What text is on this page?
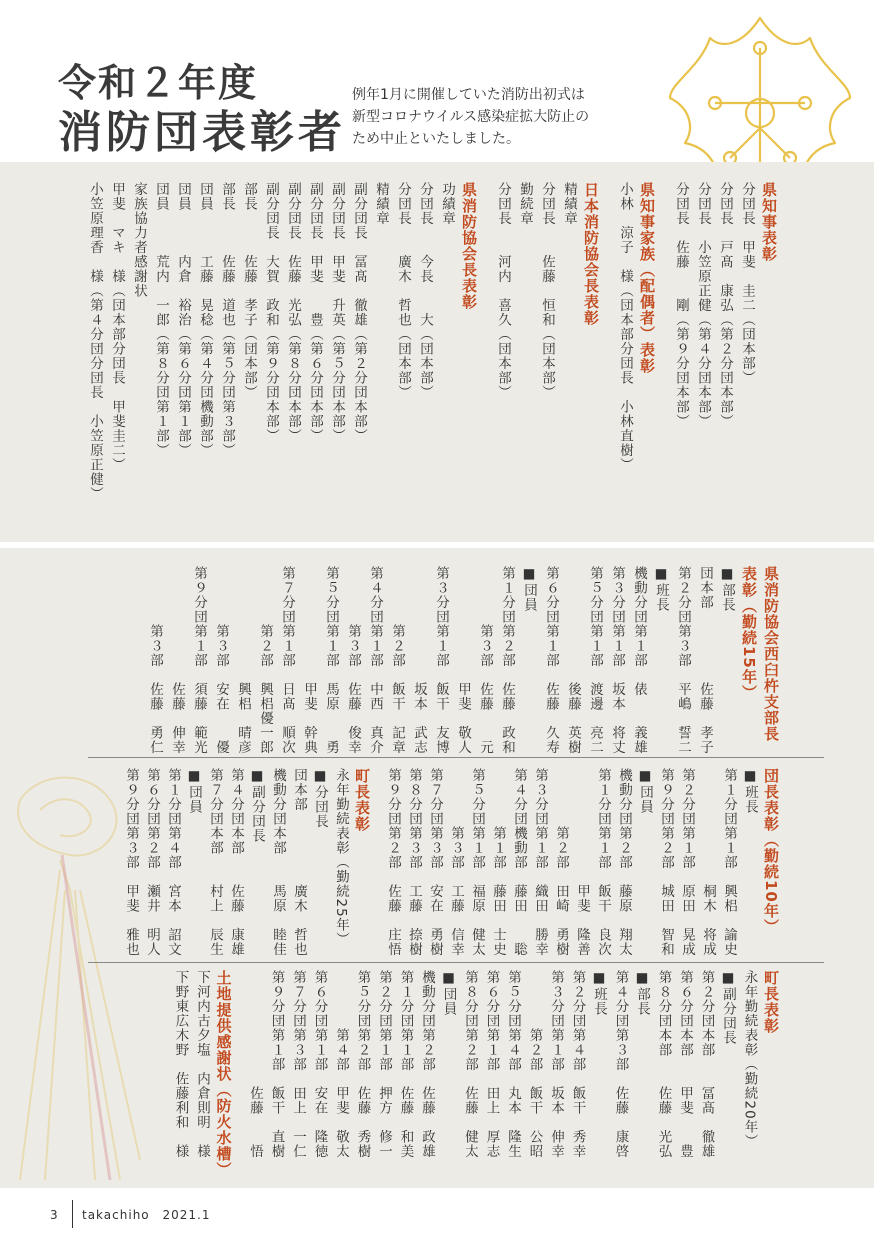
令和２年度
消防団表彰者
例年1月に開催していた消防出初式は
新型コロナウイルス感染症拡大防止の
ため中止といたしました。
県知事表彰
分団長　甲斐　圭二（団本部）
分団長　戸髙　康弘（第２分団本部）
分団長　小笠原正健（第４分団本部）
分団長　佐藤　　剛（第９分団本部）
県知事家族（配偶者）表彰
小林　涼子　様（団本部分団長　小林直樹）
日本消防協会長表彰
精績章
分団長　　佐藤　恒和（団本部）
勤続章
分団長　　河内　喜久（団本部）
県消防協会長表彰
功績章
分団長　　今長　　大（団本部）
分団長　　廣木　哲也（団本部）
精績章
副分団長　冨髙　徹雄（第２分団本部）
副分団長　甲斐　升英（第５分団本部）
副分団長　甲斐　　豊（第６分団本部）
副分団長　佐藤　光弘（第８分団本部）
副分団長　大賀　政和（第９分団本部）
部長　　　佐藤　孝子（団本部）
部長　　　佐藤　道也（第５分団第３部）
団員　　　工藤　晃稔（第４分団機動部）
団員　　　内倉　裕治（第６分団第１部）
団員　　　荒内　一郎（第８分団第１部）
家族協力者感謝状
甲斐　マキ　様（団本部分団長　甲斐圭二）
小笠原理香　様（第４分団分団長　小笠原正健）
県消防協会西臼杵支部長
表彰（勤続15年）
■部長
団本部　　　　　佐藤　孝子
第２分団第３部　平嶋　誓二
■班長
機動分団第１部　俵　　義雄
第３分団第１部　坂本　将丈
第５分団第１部　渡邊　亮二
　　　　　　　　後藤　英樹
第６分団第１部　佐藤　久寿
■団員
第１分団第２部　佐藤　政和
　　　　第３部　佐藤　　元
　　　　　　　　甲斐　敬人
第３分団第１部　飯干　友博
　　　　　　　　坂本　武志
　　　　第２部　飯干　記章
第４分団第１部　中西　真介
　　　　第３部　佐藤　俊幸
第５分団第１部　馬原　　勇
　　　　　　　　甲斐　幹典
第７分団第１部　日髙　順次
　　　　第２部　興梠優一郎
　　　　　　　　興梠　晴彦
　　　　第３部　安在　　優
第９分団第１部　須藤　範光
　　　　　　　　佐藤　伸幸
　　　　第３部　佐藤　勇仁
団長表彰（勤続10年）
■班長
第１分団第１部　興梠　諭史
　　　　　　　　桐木　将成
第２分団第１部　原田　晃成
第９分団第２部　城田　智和
■団員
機動分団第２部　藤原　翔太
第１分団第１部　飯干　良次
　　　　　　　　甲斐　隆善
　　　　第２部　田崎　勇樹
第３分団第１部　織田　勝幸
第４分団機動部　藤田　　聡
　　　　第１部　藤田　士史
第５分団第１部　福原　健太
　　　　第３部　工藤　信幸
第７分団第３部　安在　勇樹
第８分団第３部　工藤　捺樹
第９分団第２部　佐藤　庄悟
町長表彰
永年勤続表彰（勤続25年）
■分団長
団本部　　　　　廣木　哲也
機動分団本部　　馬原　睦佳
■副分団長
第４分団本部　　佐藤　康雄
第７分団本部　　村上　辰生
■団員
第１分団第４部　宮本　詔文
第６分団第２部　瀬井　明人
第９分団第３部　甲斐　雅也
町長表彰
永年勤続表彰（勤続20年）
■副分団長
第２分団本部　　冨髙　徹雄
第６分団本部　　甲斐　　豊
第８分団本部　　佐藤　光弘
■部長
第４分団第３部　佐藤　康啓
■班長
第２分団第４部　飯干　秀幸
第３分団第１部　坂本　伸幸
　　　　第２部　飯干　公昭
第５分団第４部　丸本　隆生
第６分団第１部　田上　厚志
第８分団第２部　佐藤　健太
■団員
機動分団第２部　佐藤　政雄
第１分団第１部　佐藤　和美
第２分団第１部　押方　修一
第５分団第２部　佐藤　秀樹
　　　　第４部　甲斐　敬太
第６分団第１部　安在　隆徳
第７分団第３部　田上　一仁
第９分団第１部　飯干　直樹
　　　　　　　　佐藤　　悟
土地提供感謝状（防火水槽）
下河内古夕塩　内倉則明　様
下野東広木野　佐藤利和　様
3 takachiho 2021.1
